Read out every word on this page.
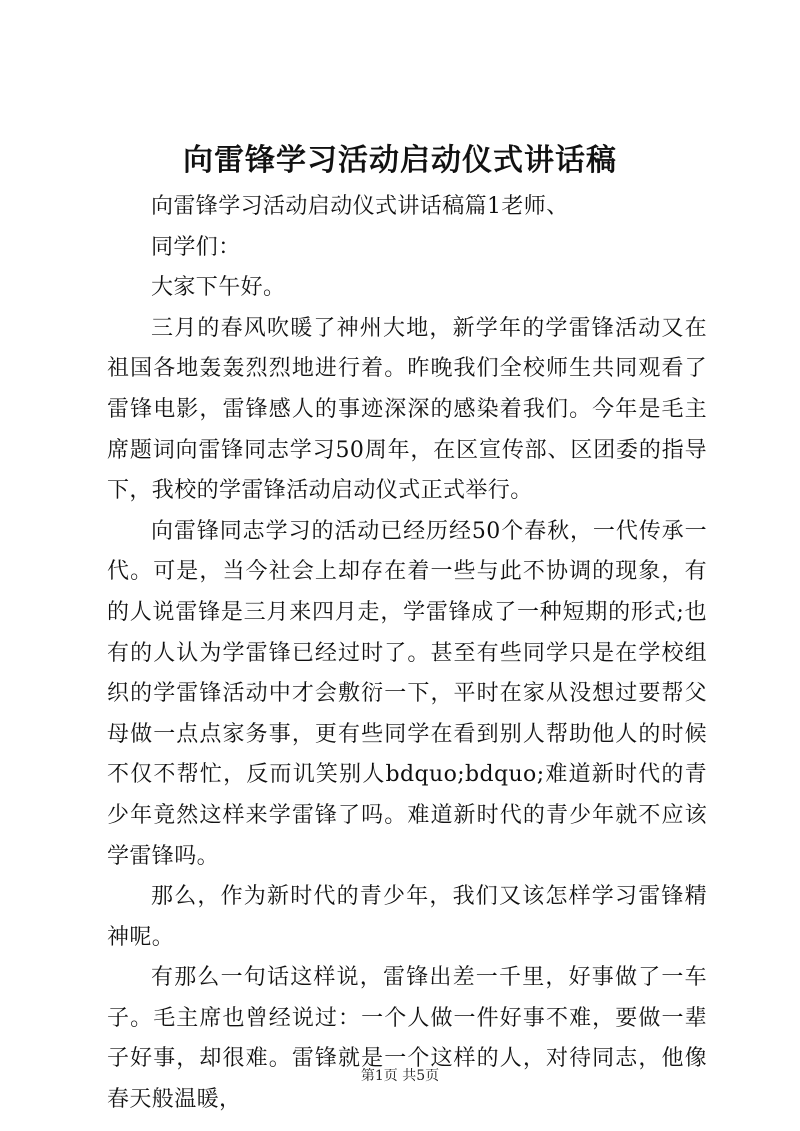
向雷锋学习活动启动仪式讲话稿

向雷锋学习活动启动仪式讲话稿篇1老师、

同学们：

大家下午好。

三月的春风吹暖了神州大地，新学年的学雷锋活动又在祖国各地轰轰烈烈地进行着。昨晚我们全校师生共同观看了雷锋电影，雷锋感人的事迹深深的感染着我们。今年是毛主席题词向雷锋同志学习50周年，在区宣传部、区团委的指导下，我校的学雷锋活动启动仪式正式举行。

向雷锋同志学习的活动已经历经50个春秋，一代传承一代。可是，当今社会上却存在着一些与此不协调的现象，有的人说雷锋是三月来四月走，学雷锋成了一种短期的形式;也有的人认为学雷锋已经过时了。甚至有些同学只是在学校组织的学雷锋活动中才会敷衍一下，平时在家从没想过要帮父母做一点点家务事，更有些同学在看到别人帮助他人的时候不仅不帮忙，反而讥笑别人bdquo;bdquo;难道新时代的青少年竟然这样来学雷锋了吗。难道新时代的青少年就不应该学雷锋吗。

那么，作为新时代的青少年，我们又该怎样学习雷锋精神呢。

有那么一句话这样说，雷锋出差一千里，好事做了一车子。毛主席也曾经说过：一个人做一件好事不难，要做一辈子好事，却很难。雷锋就是一个这样的人，对待同志，他像春天般温暖，

第1页 共5页
